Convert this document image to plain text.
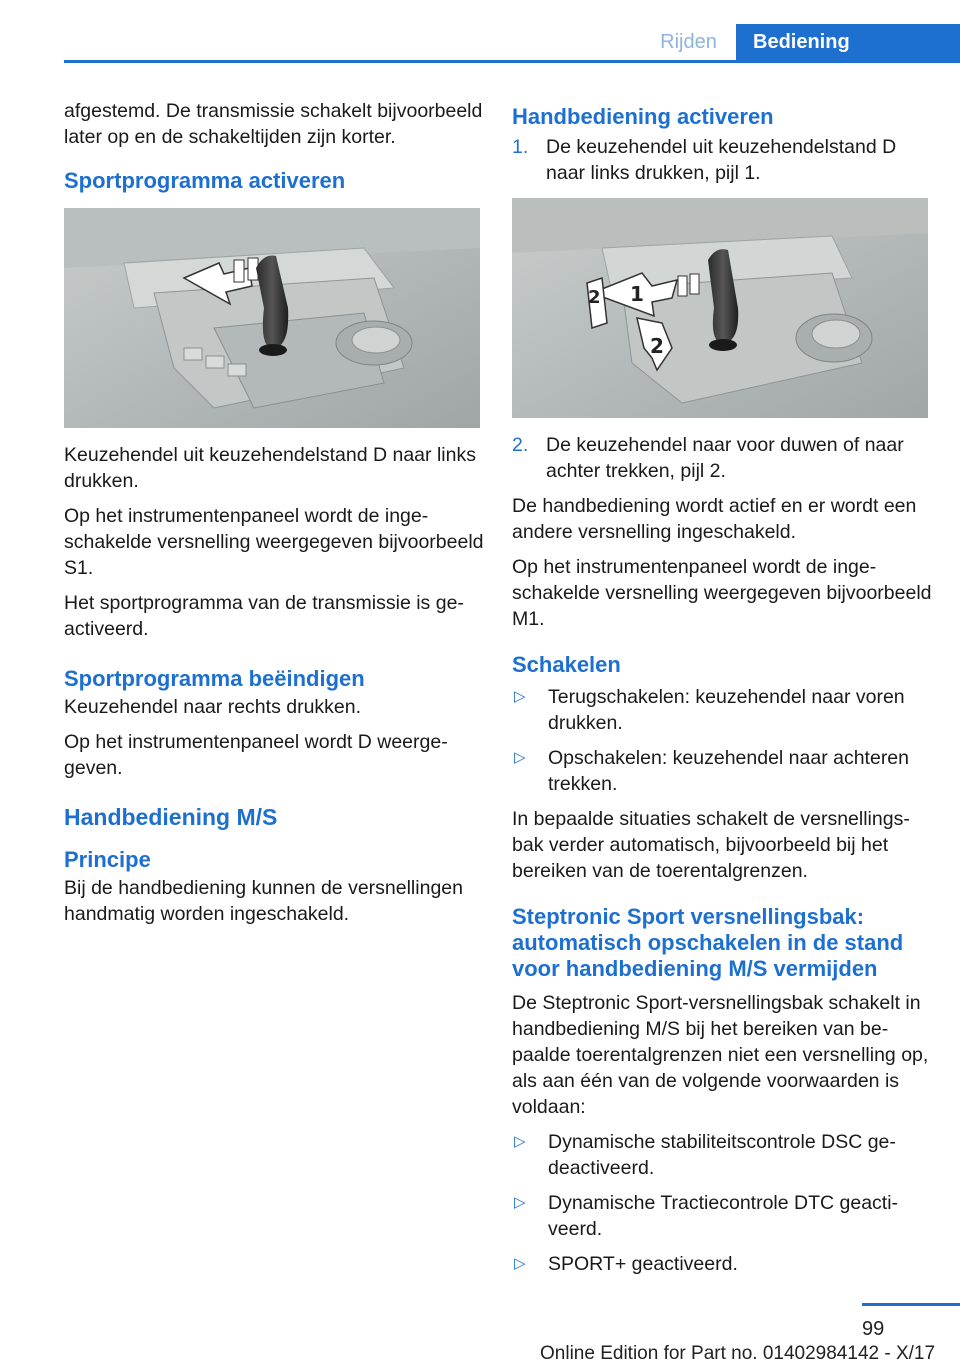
Rijden	Bediening

afgestemd. De transmissie schakelt bijvoorbeeld later op en de schakeltijden zijn korter.

Sportprogramma activeren

Keuzehendel uit keuzehendelstand D naar links drukken.

Op het instrumentenpaneel wordt de ingeschakelde versnelling weergegeven bijvoorbeeld S1.

Het sportprogramma van de transmissie is geactiveerd.

Sportprogramma beëindigen

Keuzehendel naar rechts drukken.

Op het instrumentenpaneel wordt D weergegeven.

Handbediening M/S
Principe

Bij de handbediening kunnen de versnellingen handmatig worden ingeschakeld.

Handbediening activeren
1. De keuzehendel uit keuzehendelstand D naar links drukken, pijl 1.
1
2
2
2. De keuzehendel naar voor duwen of naar achter trekken, pijl 2.

De handbediening wordt actief en er wordt een andere versnelling ingeschakeld.

Op het instrumentenpaneel wordt de ingeschakelde versnelling weergegeven bijvoorbeeld M1.

Schakelen
▷	Terugschakelen: keuzehendel naar voren drukken.
▷	Opschakelen: keuzehendel naar achteren trekken.

In bepaalde situaties schakelt de versnellingsbak verder automatisch, bijvoorbeeld bij het bereiken van de toerentalgrenzen.

Steptronic Sport versnellingsbak: automatisch opschakelen in de stand voor handbediening M/S vermijden

De Steptronic Sport-versnellingsbak schakelt in handbediening M/S bij het bereiken van bepaalde toerentalgrenzen niet een versnelling op, als aan één van de volgende voorwaarden is voldaan:

▷	Dynamische stabiliteitscontrole DSC gedeactiveerd.
▷	Dynamische Tractiecontrole DTC geactiveerd.
▷	SPORT+ geactiveerd.
99
Online Edition for Part no. 01402984142 - X/17
